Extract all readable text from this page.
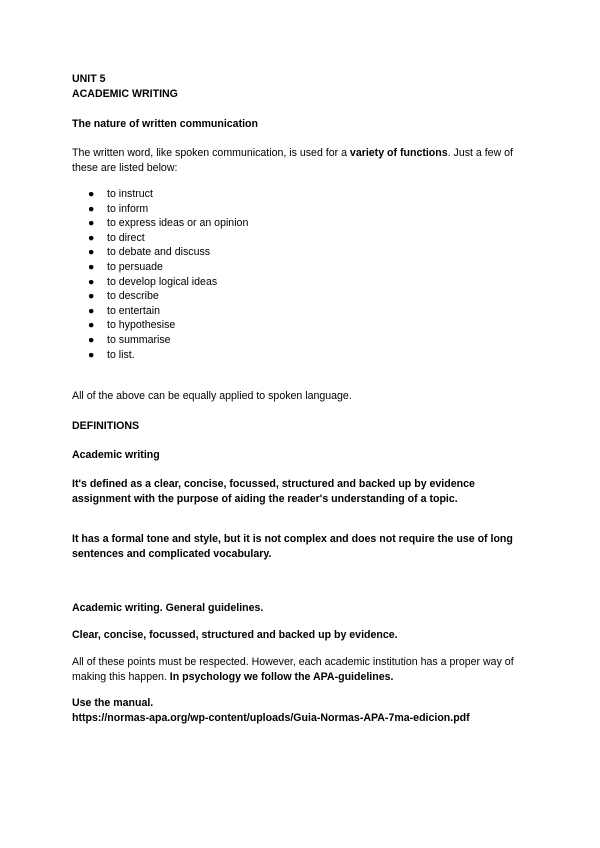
UNIT 5

ACADEMIC WRITING

The nature of written communication

The written word, like spoken communication, is used for a variety of functions. Just a few of these are listed below:

● to instruct
● to inform
● to express ideas or an opinion
● to direct
● to debate and discuss
● to persuade
● to develop logical ideas
● to describe
● to entertain
● to hypothesise
● to summarise
● to list.

All of the above can be equally applied to spoken language.

DEFINITIONS

Academic writing

It's defined as a clear, concise, focussed, structured and backed up by evidence assignment with the purpose of aiding the reader's understanding of a topic.

It has a formal tone and style, but it is not complex and does not require the use of long sentences and complicated vocabulary.

Academic writing. General guidelines.

Clear, concise, focussed, structured and backed up by evidence.

All of these points must be respected. However, each academic institution has a proper way of making this happen. In psychology we follow the APA-guidelines.

Use the manual.

https://normas-apa.org/wp-content/uploads/Guia-Normas-APA-7ma-edicion.pdf
